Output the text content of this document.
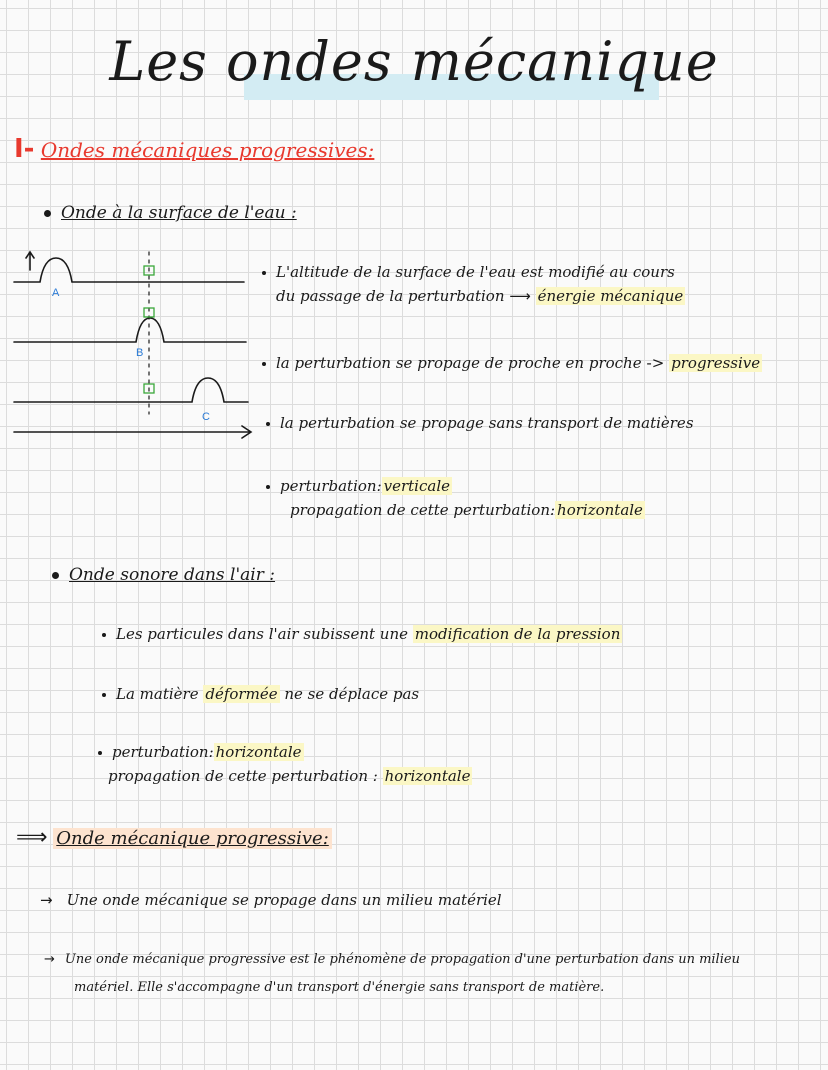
Les ondes mécanique
I- Ondes mécaniques progressives:
Onde à la surface de l'eau :
A
B
C
L'altitude de la surface de l'eau est modifié au cours
du passage de la perturbation ⟶ énergie mécanique
la perturbation se propage de proche en proche -> progressive
la perturbation se propage sans transport de matières
perturbation: verticale
propagation de cette perturbation: horizontale
Onde sonore dans l'air :
Les particules dans l'air subissent une modification de la pression
La matière déformée ne se déplace pas
perturbation: horizontale
propagation de cette perturbation : horizontale
⟹ Onde mécanique progressive:
→ Une onde mécanique se propage dans un milieu matériel
→ Une onde mécanique progressive est le phénomène de propagation d'une perturbation dans un milieu
matériel. Elle s'accompagne d'un transport d'énergie sans transport de matière.
